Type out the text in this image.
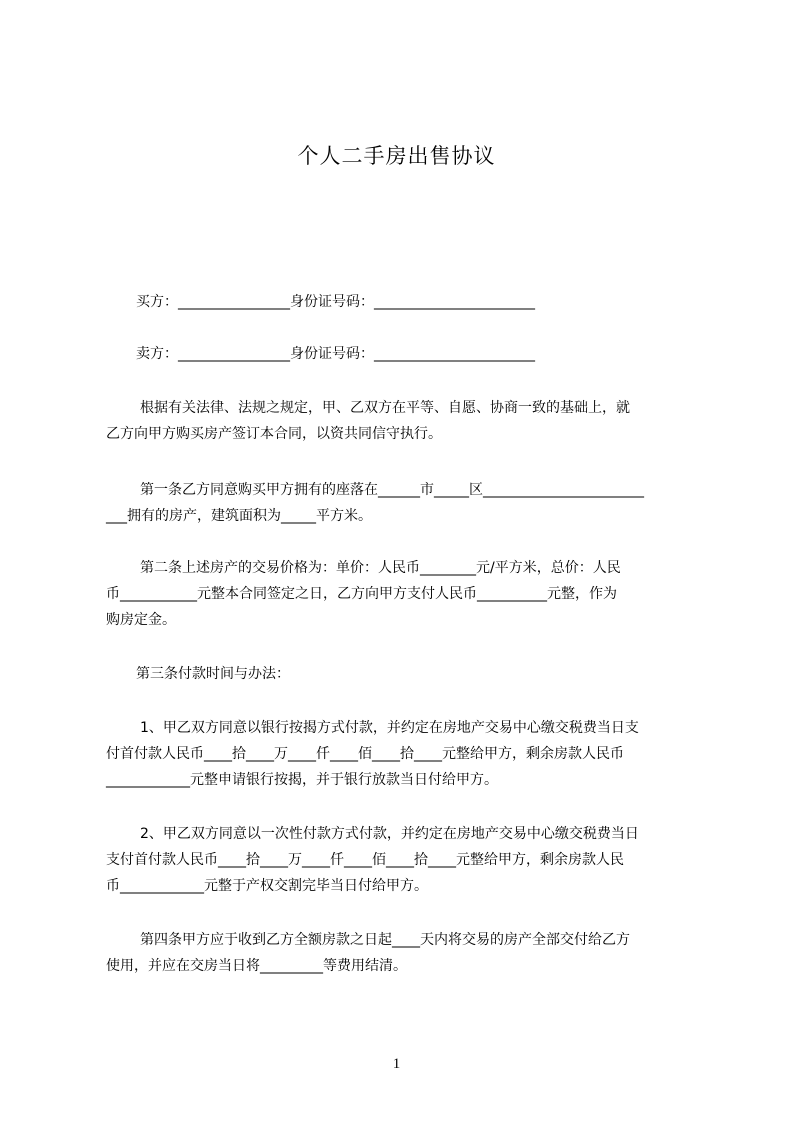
个人二手房出售协议
买方：________________身份证号码：_______________________
卖方：________________身份证号码：_______________________
根据有关法律、法规之规定，甲、乙双方在平等、自愿、协商一致的基础上，就
乙方向甲方购买房产签订本合同，以资共同信守执行。
第一条乙方同意购买甲方拥有的座落在______市_____区_______________________
___拥有的房产，建筑面积为_____平方米。
第二条上述房产的交易价格为：单价：人民币________元/平方米，总价：人民
币___________元整本合同签定之日，乙方向甲方支付人民币__________元整，作为
购房定金。
第三条付款时间与办法：
1、甲乙双方同意以银行按揭方式付款，并约定在房地产交易中心缴交税费当日支
付首付款人民币____拾____万____仟____佰____拾____元整给甲方，剩余房款人民币
____________元整申请银行按揭，并于银行放款当日付给甲方。
2、甲乙双方同意以一次性付款方式付款，并约定在房地产交易中心缴交税费当日
支付首付款人民币____拾____万____仟____佰____拾____元整给甲方，剩余房款人民
币____________元整于产权交割完毕当日付给甲方。
第四条甲方应于收到乙方全额房款之日起____天内将交易的房产全部交付给乙方
使用，并应在交房当日将_________等费用结清。
1
